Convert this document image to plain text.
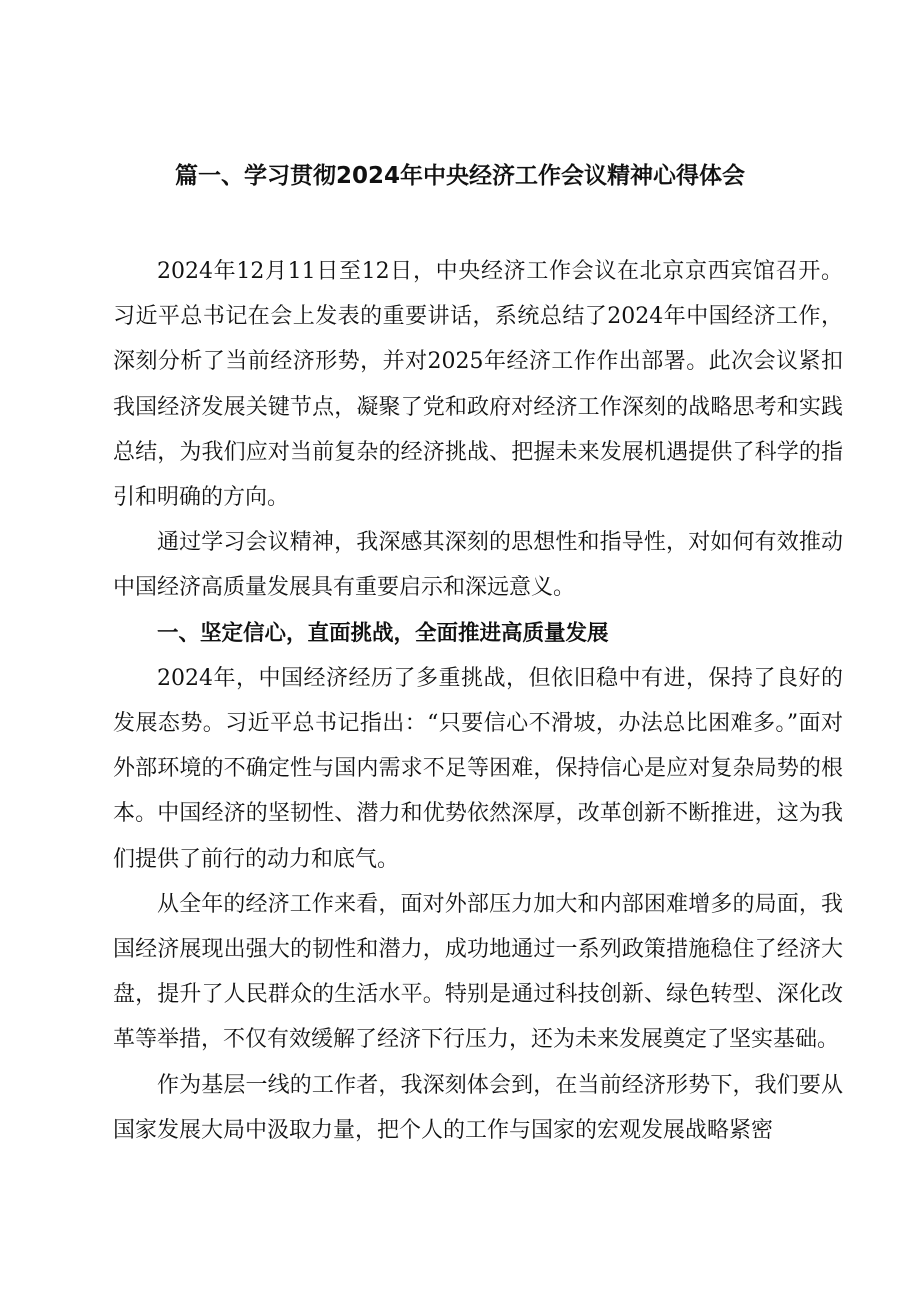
篇一、学习贯彻2024年中央经济工作会议精神心得体会

2024年12月11日至12日，中央经济工作会议在北京京西宾馆召开。习近平总书记在会上发表的重要讲话，系统总结了2024年中国经济工作，深刻分析了当前经济形势，并对2025年经济工作作出部署。此次会议紧扣我国经济发展关键节点，凝聚了党和政府对经济工作深刻的战略思考和实践总结，为我们应对当前复杂的经济挑战、把握未来发展机遇提供了科学的指引和明确的方向。

通过学习会议精神，我深感其深刻的思想性和指导性，对如何有效推动中国经济高质量发展具有重要启示和深远意义。

一、坚定信心，直面挑战，全面推进高质量发展

2024年，中国经济经历了多重挑战，但依旧稳中有进，保持了良好的发展态势。习近平总书记指出：“只要信心不滑坡，办法总比困难多。”面对外部环境的不确定性与国内需求不足等困难，保持信心是应对复杂局势的根本。中国经济的坚韧性、潜力和优势依然深厚，改革创新不断推进，这为我们提供了前行的动力和底气。

从全年的经济工作来看，面对外部压力加大和内部困难增多的局面，我国经济展现出强大的韧性和潜力，成功地通过一系列政策措施稳住了经济大盘，提升了人民群众的生活水平。特别是通过科技创新、绿色转型、深化改革等举措，不仅有效缓解了经济下行压力，还为未来发展奠定了坚实基础。

作为基层一线的工作者，我深刻体会到，在当前经济形势下，我们要从国家发展大局中汲取力量，把个人的工作与国家的宏观发展战略紧密
